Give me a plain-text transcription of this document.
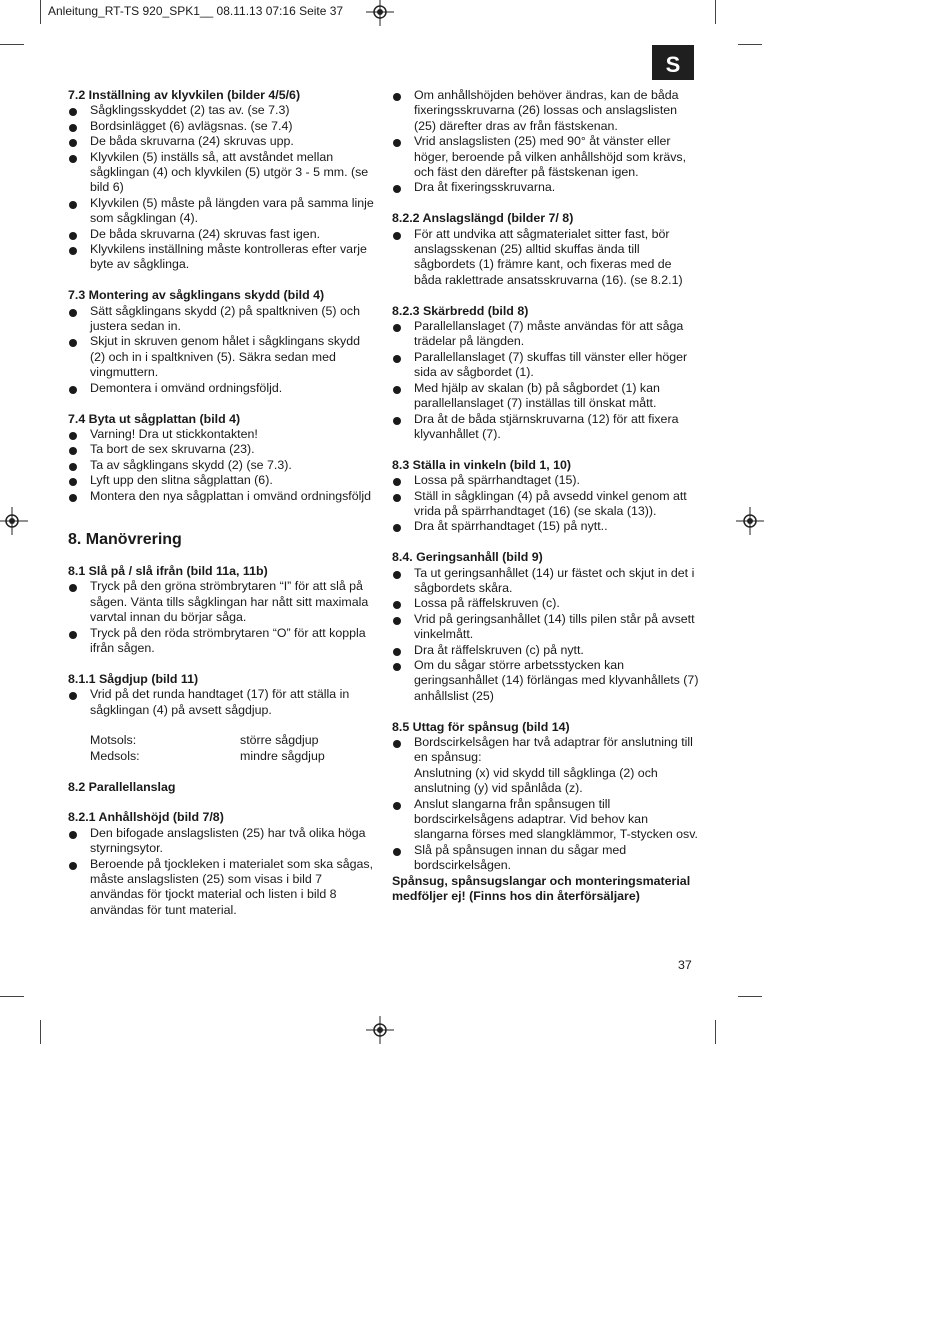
Anleitung_RT-TS 920_SPK1__ 08.11.13 07:16 Seite 37
S
7.2 Inställning av klyvkilen (bilder 4/5/6)
Sågklingsskyddet (2) tas av. (se 7.3)
Bordsinlägget (6) avlägsnas. (se 7.4)
De båda skruvarna (24) skruvas upp.
Klyvkilen (5) inställs så, att avståndet mellan sågklingan (4) och klyvkilen (5) utgör 3 - 5 mm. (se bild 6)
Klyvkilen (5) måste på längden vara på samma linje som sågklingan (4).
De båda skruvarna (24) skruvas fast igen.
Klyvkilens inställning måste kontrolleras efter varje byte av sågklinga.
7.3 Montering av sågklingans skydd (bild 4)
Sätt sågklingans skydd (2) på spaltkniven (5) och justera sedan in.
Skjut in skruven genom hålet i sågklingans skydd (2) och in i spaltkniven (5). Säkra sedan med vingmuttern.
Demontera i omvänd ordningsföljd.
7.4 Byta ut sågplattan (bild 4)
Varning! Dra ut stickkontakten!
Ta bort de sex skruvarna (23).
Ta av sågklingans skydd (2) (se 7.3).
Lyft upp den slitna sågplattan (6).
Montera den nya sågplattan i omvänd ordningsföljd
8. Manövrering
8.1 Slå på / slå ifrån (bild 11a, 11b)
Tryck på den gröna strömbrytaren “I” för att slå på sågen. Vänta tills sågklingan har nått sitt maximala varvtal innan du börjar såga.
Tryck på den röda strömbrytaren “O” för att koppla ifrån sågen.
8.1.1 Sågdjup (bild 11)
Vrid på det runda handtaget (17) för att ställa in sågklingan (4) på avsett sågdjup.
Motsols:	större sågdjup
Medsols:	mindre sågdjup
8.2 Parallellanslag
8.2.1 Anhållshöjd (bild 7/8)
Den bifogade anslagslisten (25) har två olika höga styrningsytor.
Beroende på tjockleken i materialet som ska sågas, måste anslagslisten (25) som visas i bild 7 användas för tjockt material och listen i bild 8 användas för tunt material.
Om anhållshöjden behöver ändras, kan de båda fixeringsskruvarna (26) lossas och anslagslisten (25) därefter dras av från fästskenan.
Vrid anslagslisten (25) med 90° åt vänster eller höger, beroende på vilken anhållshöjd som krävs, och fäst den därefter på fästskenan igen.
Dra åt fixeringsskruvarna.
8.2.2 Anslagslängd (bilder 7/ 8)
För att undvika att sågmaterialet sitter fast, bör anslagsskenan (25) alltid skuffas ända till sågbordets (1) främre kant, och fixeras med de båda raklettrade ansatsskruvarna (16). (se 8.2.1)
8.2.3 Skärbredd (bild 8)
Parallellanslaget (7) måste användas för att såga trädelar på längden.
Parallellanslaget (7) skuffas till vänster eller höger sida av sågbordet (1).
Med hjälp av skalan (b) på sågbordet (1) kan parallellanslaget (7) inställas till önskat mått.
Dra åt de båda stjärnskruvarna (12) för att fixera klyvanhållet (7).
8.3 Ställa in vinkeln (bild 1, 10)
Lossa på spärrhandtaget (15).
Ställ in sågklingan (4) på avsedd vinkel genom att vrida på spärrhandtaget (16) (se skala (13)).
Dra åt spärrhandtaget (15) på nytt..
8.4. Geringsanhåll (bild 9)
Ta ut geringsanhållet (14) ur fästet och skjut in det i sågbordets skåra.
Lossa på räffelskruven (c).
Vrid på geringsanhållet (14) tills pilen står på avsett vinkelmått.
Dra åt räffelskruven (c) på nytt.
Om du sågar större arbetsstycken kan geringsanhållet (14) förlängas med klyvanhållets (7) anhållslist (25)
8.5 Uttag för spånsug (bild 14)
Bordscirkelsågen har två adaptrar för anslutning till en spånsug:
Anslutning (x) vid skydd till sågklinga (2) och anslutning (y) vid spånlåda (z).
Anslut slangarna från spånsugen till bordscirkelsågens adaptrar. Vid behov kan slangarna förses med slangklämmor, T-stycken osv.
Slå på spånsugen innan du sågar med bordscirkelsågen.
Spånsug, spånsugslangar och monteringsmaterial medföljer ej! (Finns hos din återförsäljare)
37
